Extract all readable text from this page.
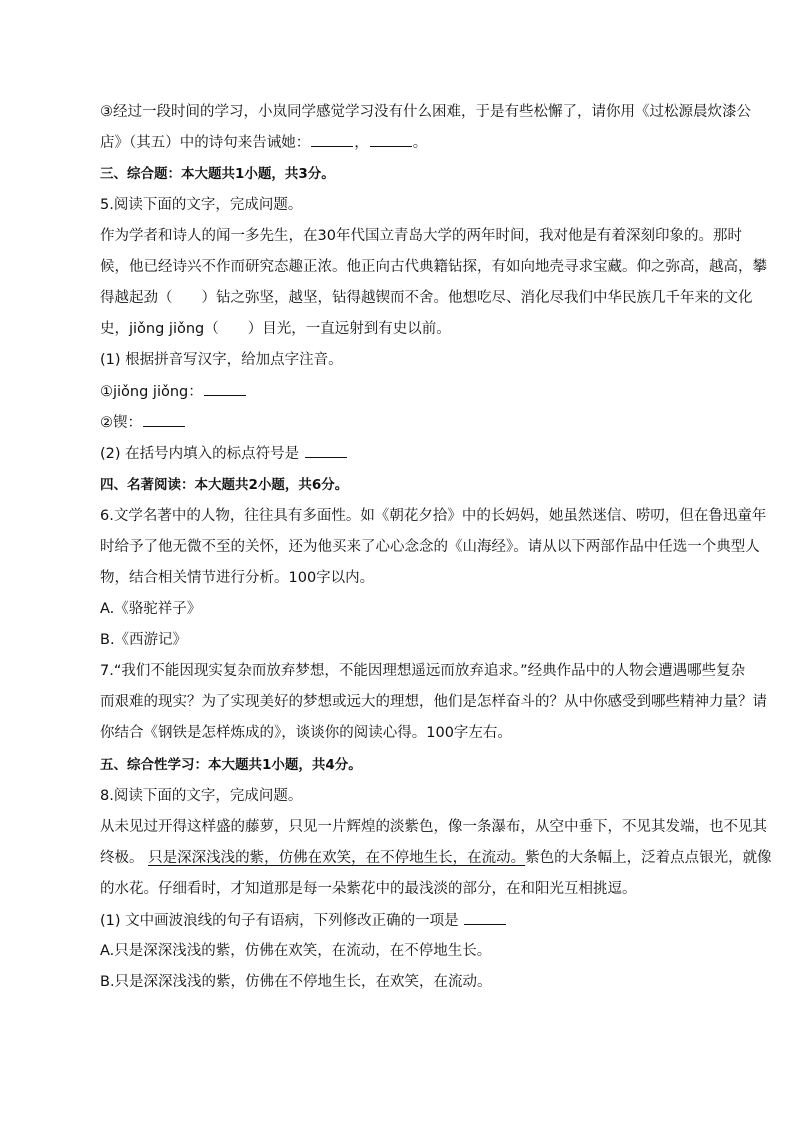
③经过一段时间的学习，小岚同学感觉学习没有什么困难，于是有些松懈了，请你用《过松源晨炊漆公
店》（其五）中的诗句来告诫她：	，	。
三、综合题：本大题共1小题，共3分。
5.阅读下面的文字，完成问题。
作为学者和诗人的闻一多先生，在30年代国立青岛大学的两年时间，我对他是有着深刻印象的。那时
候，他已经诗兴不作而研究态趣正浓。他正向古代典籍钻探，有如向地壳寻求宝藏。仰之弥高，越高，攀
得越起劲（　　）钻之弥坚，越坚，钻得越锲而不舍。他想吃尽、消化尽我们中华民族几千年来的文化
史，jiǒng jiǒng（　　）目光，一直远射到有史以前。
(1) 根据拼音写汉字，给加点字注音。
①jiǒng jiǒng：
②锲：
(2) 在括号内填入的标点符号是
四、名著阅读：本大题共2小题，共6分。
6.文学名著中的人物，往往具有多面性。如《朝花夕拾》中的长妈妈，她虽然迷信、唠叨，但在鲁迅童年
时给予了他无微不至的关怀，还为他买来了心心念念的《山海经》。请从以下两部作品中任选一个典型人
物，结合相关情节进行分析。100字以内。
A.《骆驼祥子》
B.《西游记》
7.“我们不能因现实复杂而放弃梦想，不能因理想遥远而放弃追求。”经典作品中的人物会遭遇哪些复杂
而艰难的现实？为了实现美好的梦想或远大的理想，他们是怎样奋斗的？从中你感受到哪些精神力量？请
你结合《钢铁是怎样炼成的》，谈谈你的阅读心得。100字左右。
五、综合性学习：本大题共1小题，共4分。
8.阅读下面的文字，完成问题。
从未见过开得这样盛的藤萝，只见一片辉煌的淡紫色，像一条瀑布，从空中垂下，不见其发端，也不见其
终极。 只是深深浅浅的紫，仿佛在欢笑，在不停地生长，在流动。紫色的大条幅上，泛着点点银光，就像
的水花。仔细看时，才知道那是每一朵紫花中的最浅淡的部分，在和阳光互相挑逗。
(1) 文中画波浪线的句子有语病，下列修改正确的一项是
A.只是深深浅浅的紫，仿佛在欢笑，在流动，在不停地生长。
B.只是深深浅浅的紫，仿佛在不停地生长，在欢笑，在流动。
